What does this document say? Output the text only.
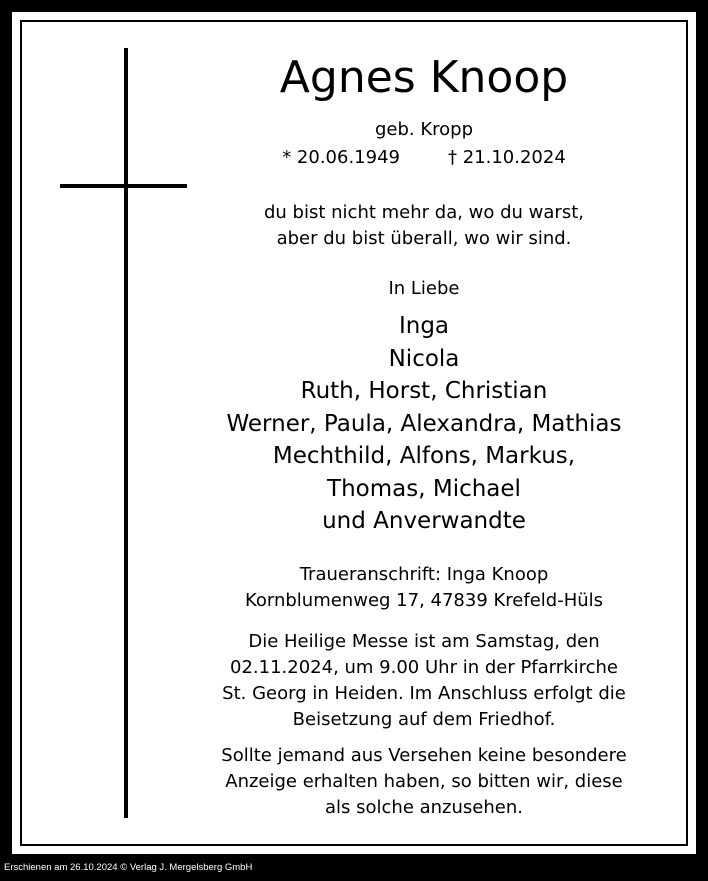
Agnes Knoop
geb. Kropp
* 20.06.1949	† 21.10.2024
du bist nicht mehr da, wo du warst,
aber du bist überall, wo wir sind.
In Liebe
Inga
Nicola
Ruth, Horst, Christian
Werner, Paula, Alexandra, Mathias
Mechthild, Alfons, Markus,
Thomas, Michael
und Anverwandte
Traueranschrift: Inga Knoop
Kornblumenweg 17, 47839 Krefeld-Hüls
Die Heilige Messe ist am Samstag, den
02.11.2024, um 9.00 Uhr in der Pfarrkirche
St. Georg in Heiden. Im Anschluss erfolgt die
Beisetzung auf dem Friedhof.
Sollte jemand aus Versehen keine besondere
Anzeige erhalten haben, so bitten wir, diese
als solche anzusehen.
Erschienen am 26.10.2024 © Verlag J. Mergelsberg GmbH
